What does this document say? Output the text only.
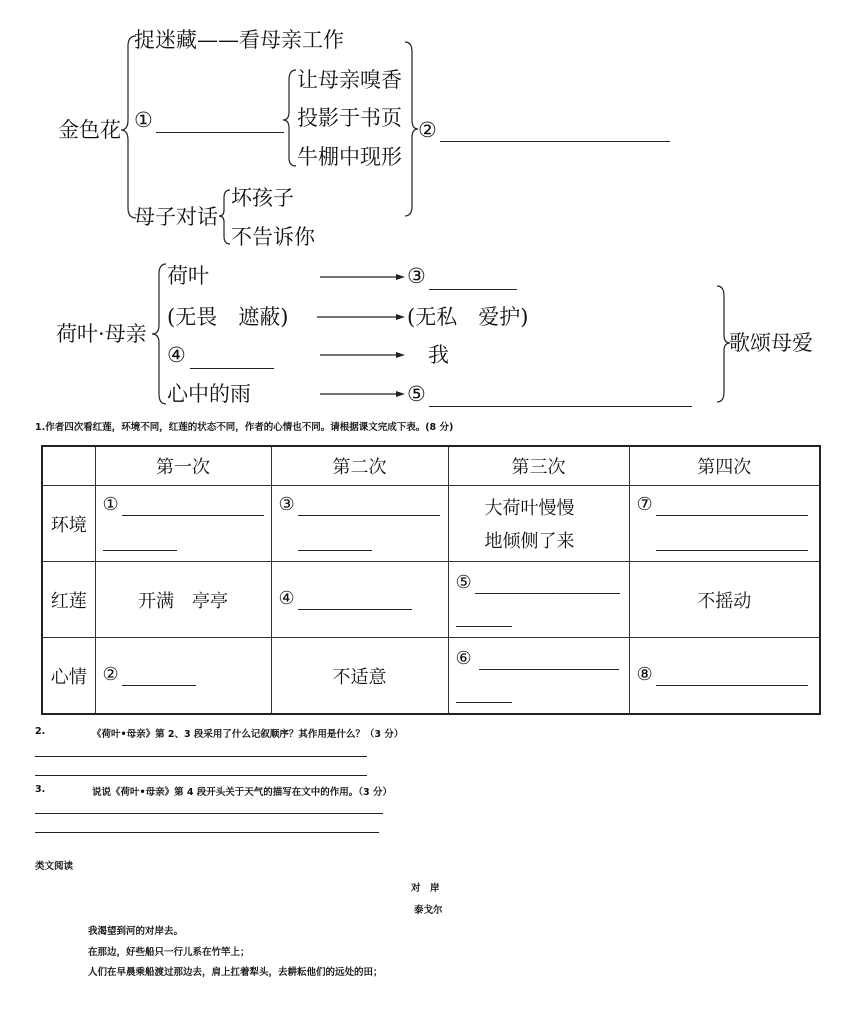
金色花
捉迷藏——看母亲工作
①
让母亲嗅香
投影于书页
牛棚中现形
②
母子对话
坏孩子
不告诉你
荷叶·母亲
荷叶
(无畏　遮蔽)
④
心中的雨
③
(无私　爱护)
我
⑤
歌颂母爱
1.作者四次看红莲，环境不同，红莲的状态不同，作者的心情也不同。请根据课文完成下表。(8 分)
	第一次	第二次	第三次	第四次
环境	①	③	大荷叶慢慢
地倾侧了来	⑦

红莲	开满　亭亭	④	⑤	不摇动
心情	②	不适意	⑥	⑧
2.	《荷叶•母亲》第 2、3 段采用了什么记叙顺序？其作用是什么？（3 分）
3.	说说《荷叶•母亲》第 4 段开头关于天气的描写在文中的作用。（3 分）
类文阅读
对　岸
泰戈尔
我渴望到河的对岸去。
在那边，好些船只一行儿系在竹竿上；
人们在早晨乘船渡过那边去，肩上扛着犁头，去耕耘他们的远处的田；
